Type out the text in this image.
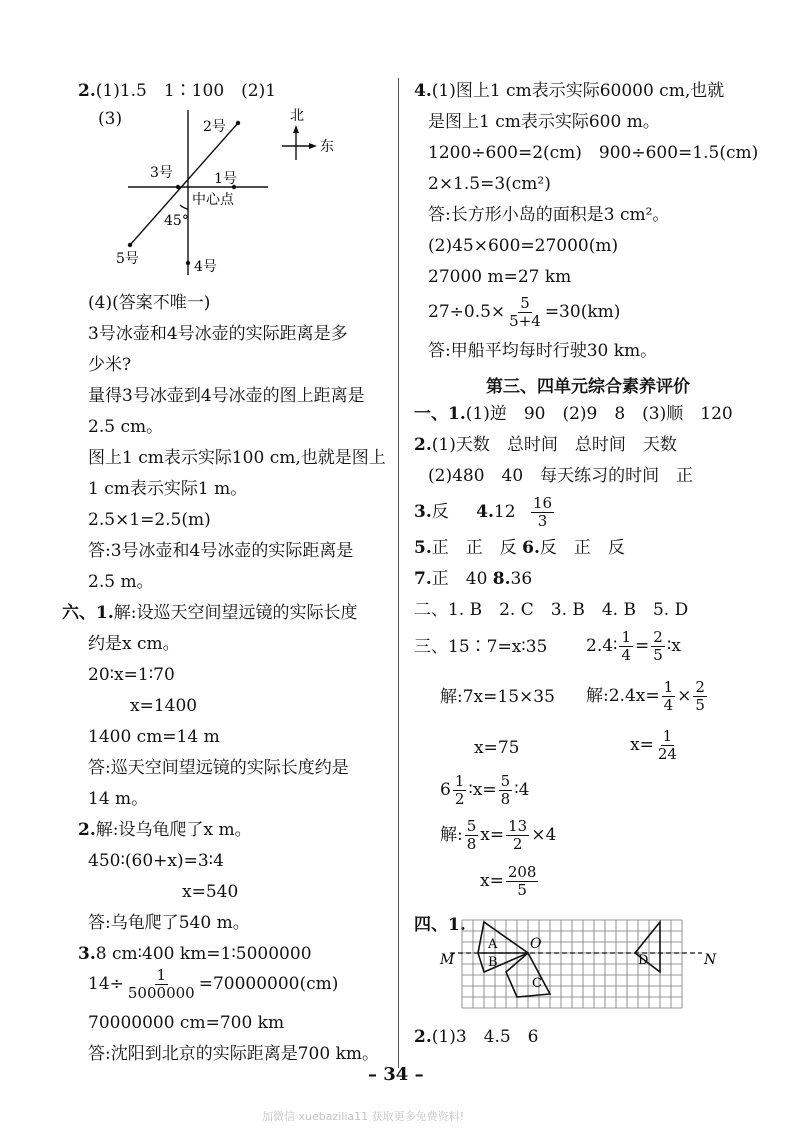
2.(1)1.5　1∶100　(2)1
(3)	北
东
2号
3号	1号
中心点
45°
5号	4号
(4)(答案不唯一)
3号冰壶和4号冰壶的实际距离是多
少米?
量得3号冰壶到4号冰壶的图上距离是
2.5 cm。
图上1 cm表示实际100 cm,也就是图上
1 cm表示实际1 m。
2.5×1=2.5(m)
答:3号冰壶和4号冰壶的实际距离是
2.5 m。
六、1.解:设巡天空间望远镜的实际长度
约是x cm。
20∶x=1∶70
x=1400
1400 cm=14 m
答:巡天空间望远镜的实际长度约是
14 m。
2.解:设乌龟爬了x m。
450∶(60+x)=3∶4
x=540
答:乌龟爬了540 m。
3.8 cm∶400 km=1∶5000000
$14\div \frac{1}{5000000} =70000000(cm)$
70000000 cm=700 km
答:沈阳到北京的实际距离是700 km。
4.(1)图上1 cm表示实际60000 cm,也就
是图上1 cm表示实际600 m。
1200÷600=2(cm)　900÷600=1.5(cm)
2×1.5=3(cm²)
答:长方形小岛的面积是3 cm²。
(2)45×600=27000(m)
27000 m=27 km
$27\div 0.5\times \frac{5}{5+4} =30(km)$
答:甲船平均每时行驶30 km。
第三、四单元综合素养评价
一、1.(1)逆　90　(2)9　8　(3)顺　120
2.(1)天数　总时间　总时间　天数
(2)480　40　每天练习的时间　正
3.反 $4.12 \frac{16}{3}$
5.正　正　反 6.反　正　反
7.正　40 8.36
二、1. B　2. C　3. B　4. B　5. D
三、15∶7=x∶35 2.4∶ $\frac{1}{4} = \frac{2}{5}$ ∶x
解:7x=15×35 解:2.4x= $\frac{1}{4} \times \frac{2}{5}$
x=75	$x= \frac{1}{24}$
$6 \frac{1}{2}$ ∶x= $\frac{5}{8}$ ∶4
解: $\frac{5}{8} x= \frac{13}{2} \times 4$
$x= \frac{208}{5}$
四、1.
M	N
O
A
B
C
D
2.(1)3　4.5　6
– 34 –
加微信 xuebazilia11 获取更多免费资料!
